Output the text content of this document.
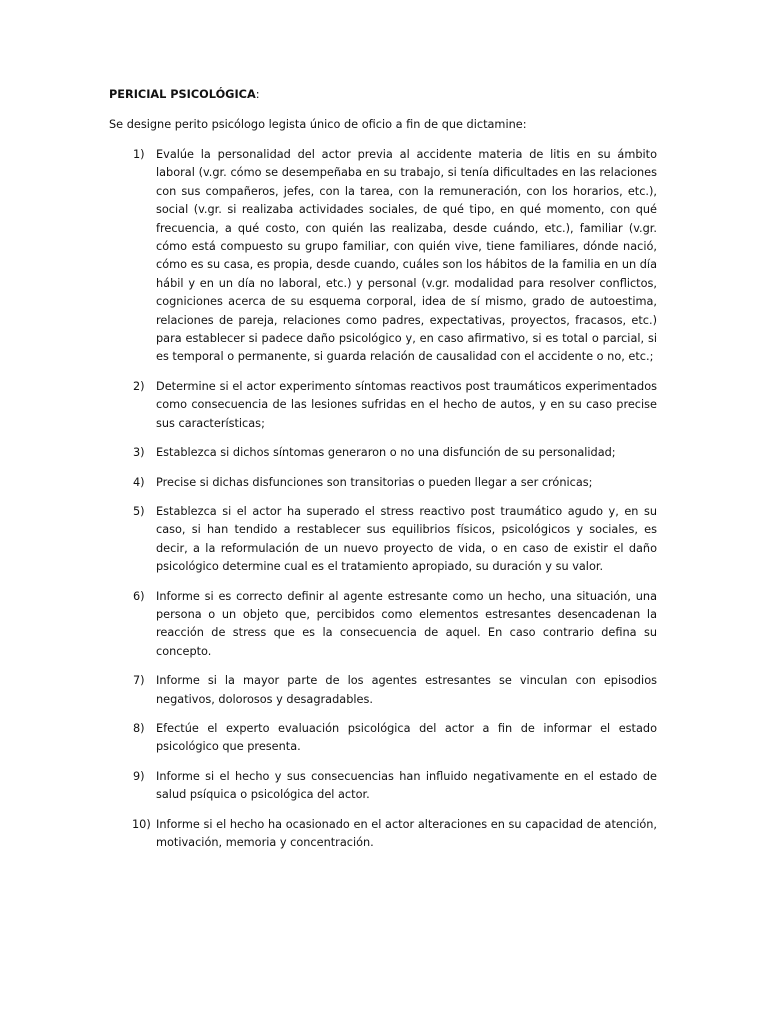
PERICIAL PSICOLÓGICA:

Se designe perito psicólogo legista único de oficio a fin de que dictamine:

1) Evalúe la personalidad del actor previa al accidente materia de litis en su ámbito laboral (v.gr. cómo se desempeñaba en su trabajo, si tenía dificultades en las relaciones con sus compañeros, jefes, con la tarea, con la remuneración, con los horarios, etc.), social (v.gr. si realizaba actividades sociales, de qué tipo, en qué momento, con qué frecuencia, a qué costo, con quién las realizaba, desde cuándo, etc.), familiar (v.gr. cómo está compuesto su grupo familiar, con quién vive, tiene familiares, dónde nació, cómo es su casa, es propia, desde cuando, cuáles son los hábitos de la familia en un día hábil y en un día no laboral, etc.) y personal (v.gr. modalidad para resolver conflictos, cogniciones acerca de su esquema corporal, idea de sí mismo, grado de autoestima, relaciones de pareja, relaciones como padres, expectativas, proyectos, fracasos, etc.) para establecer si padece daño psicológico y, en caso afirmativo, si es total o parcial, si es temporal o permanente, si guarda relación de causalidad con el accidente o no, etc.;
2) Determine si el actor experimento síntomas reactivos post traumáticos experimentados como consecuencia de las lesiones sufridas en el hecho de autos, y en su caso precise sus características;
3) Establezca si dichos síntomas generaron o no una disfunción de su personalidad;
4) Precise si dichas disfunciones son transitorias o pueden llegar a ser crónicas;
5) Establezca si el actor ha superado el stress reactivo post traumático agudo y, en su caso, si han tendido a restablecer sus equilibrios físicos, psicológicos y sociales, es decir, a la reformulación de un nuevo proyecto de vida, o en caso de existir el daño psicológico determine cual es el tratamiento apropiado, su duración y su valor.
6) Informe si es correcto definir al agente estresante como un hecho, una situación, una persona o un objeto que, percibidos como elementos estresantes desencadenan la reacción de stress que es la consecuencia de aquel. En caso contrario defina su concepto.
7) Informe si la mayor parte de los agentes estresantes se vinculan con episodios negativos, dolorosos y desagradables.
8) Efectúe el experto evaluación psicológica del actor a fin de informar el estado psicológico que presenta.
9) Informe si el hecho y sus consecuencias han influido negativamente en el estado de salud psíquica o psicológica del actor.
10) Informe si el hecho ha ocasionado en el actor alteraciones en su capacidad de atención, motivación, memoria y concentración.
